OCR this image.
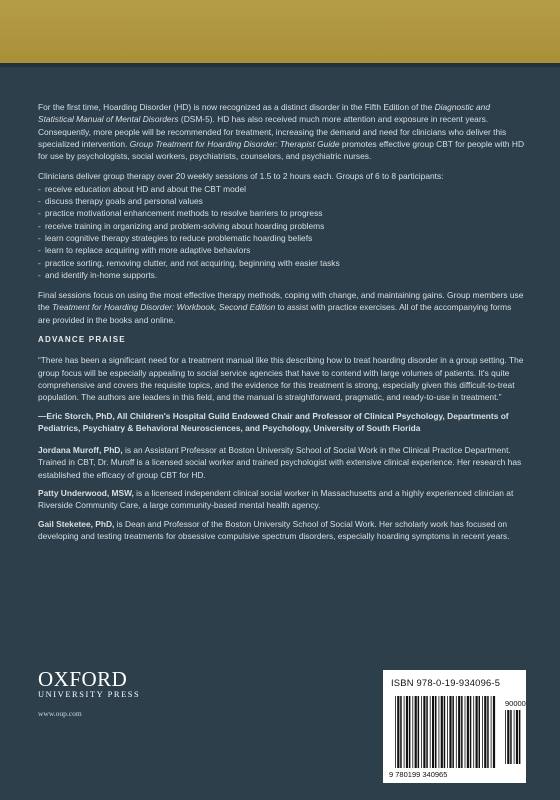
For the first time, Hoarding Disorder (HD) is now recognized as a distinct disorder in the Fifth Edition of the Diagnostic and Statistical Manual of Mental Disorders (DSM-5). HD has also received much more attention and exposure in recent years. Consequently, more people will be recommended for treatment, increasing the demand and need for clinicians who deliver this specialized intervention. Group Treatment for Hoarding Disorder: Therapist Guide promotes effective group CBT for people with HD for use by psychologists, social workers, psychiatrists, counselors, and psychiatric nurses.

Clinicians deliver group therapy over 20 weekly sessions of 1.5 to 2 hours each. Groups of 6 to 8 participants:
- receive education about HD and about the CBT model
- discuss therapy goals and personal values
- practice motivational enhancement methods to resolve barriers to progress
- receive training in organizing and problem-solving about hoarding problems
- learn cognitive therapy strategies to reduce problematic hoarding beliefs
- learn to replace acquiring with more adaptive behaviors
- practice sorting, removing clutter, and not acquiring, beginning with easier tasks
- and identify in-home supports.

Final sessions focus on using the most effective therapy methods, coping with change, and maintaining gains. Group members use the Treatment for Hoarding Disorder: Workbook, Second Edition to assist with practice exercises. All of the accompanying forms are provided in the books and online.

ADVANCE PRAISE
“There has been a significant need for a treatment manual like this describing how to treat hoarding disorder in a group setting. The group focus will be especially appealing to social service agencies that have to contend with large volumes of patients. It's quite comprehensive and covers the requisite topics, and the evidence for this treatment is strong, especially given this difficult-to-treat population. The authors are leaders in this field, and the manual is straightforward, pragmatic, and ready-to-use in treatment.”
—Eric Storch, PhD, All Children's Hospital Guild Endowed Chair and Professor of Clinical Psychology, Departments of Pediatrics, Psychiatry & Behavioral Neurosciences, and Psychology, University of South Florida
Jordana Muroff, PhD, is an Assistant Professor at Boston University School of Social Work in the Clinical Practice Department. Trained in CBT, Dr. Muroff is a licensed social worker and trained psychologist with extensive clinical experience. Her research has established the efficacy of group CBT for HD.
Patty Underwood, MSW, is a licensed independent clinical social worker in Massachusetts and a highly experienced clinician at Riverside Community Care, a large community-based mental health agency.
Gail Steketee, PhD, is Dean and Professor of the Boston University School of Social Work. Her scholarly work has focused on developing and testing treatments for obsessive compulsive spectrum disorders, especially hoarding symptoms in recent years.
OXFORD
UNIVERSITY PRESS
www.oup.com
ISBN 978-0-19-934096-5
90000
9 780199 340965
